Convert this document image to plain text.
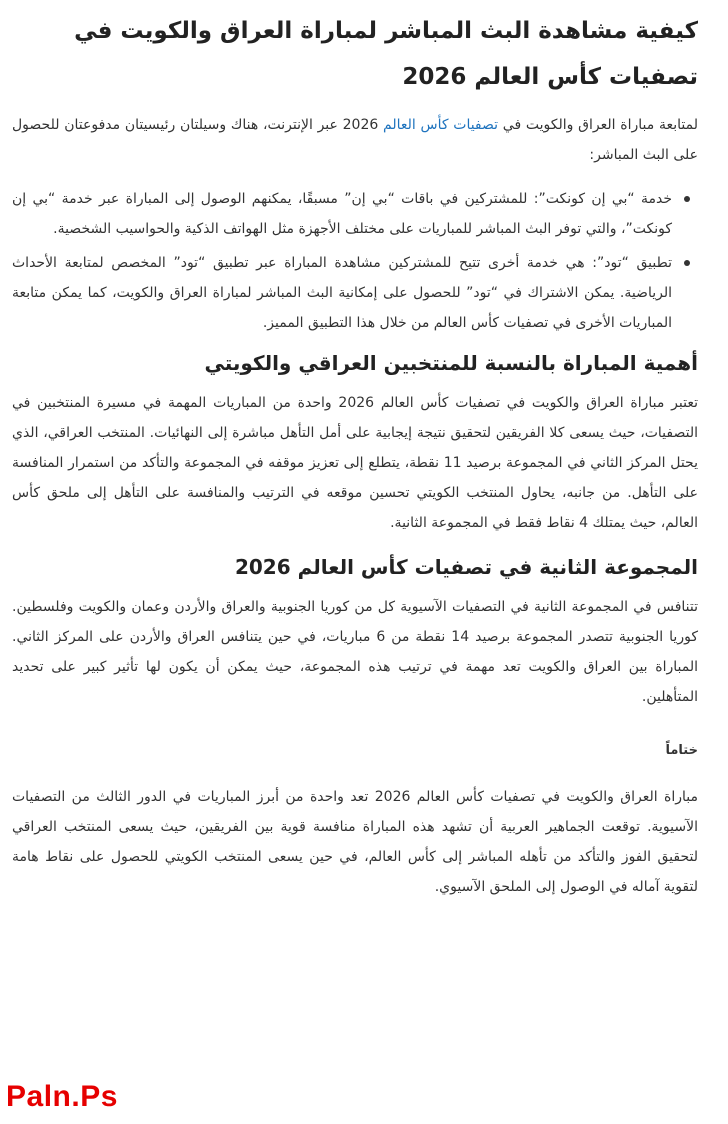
كيفية مشاهدة البث المباشر لمباراة العراق والكويت في تصفيات كأس العالم 2026

لمتابعة مباراة العراق والكويت في تصفيات كأس العالم 2026 عبر الإنترنت، هناك وسيلتان رئيسيتان مدفوعتان للحصول على البث المباشر:

خدمة “بي إن كونكت”: للمشتركين في باقات “بي إن” مسبقًا، يمكنهم الوصول إلى المباراة عبر خدمة “بي إن كونكت”، والتي توفر البث المباشر للمباريات على مختلف الأجهزة مثل الهواتف الذكية والحواسيب الشخصية.
تطبيق “تود”: هي خدمة أخرى تتيح للمشتركين مشاهدة المباراة عبر تطبيق “تود” المخصص لمتابعة الأحداث الرياضية. يمكن الاشتراك في “تود” للحصول على إمكانية البث المباشر لمباراة العراق والكويت، كما يمكن متابعة المباريات الأخرى في تصفيات كأس العالم من خلال هذا التطبيق المميز.
أهمية المباراة بالنسبة للمنتخبين العراقي والكويتي

تعتبر مباراة العراق والكويت في تصفيات كأس العالم 2026 واحدة من المباريات المهمة في مسيرة المنتخبين في التصفيات، حيث يسعى كلا الفريقين لتحقيق نتيجة إيجابية على أمل التأهل مباشرة إلى النهائيات. المنتخب العراقي، الذي يحتل المركز الثاني في المجموعة برصيد 11 نقطة، يتطلع إلى تعزيز موقفه في المجموعة والتأكد من استمرار المنافسة على التأهل. من جانبه، يحاول المنتخب الكويتي تحسين موقعه في الترتيب والمنافسة على التأهل إلى ملحق كأس العالم، حيث يمتلك 4 نقاط فقط في المجموعة الثانية.

المجموعة الثانية في تصفيات كأس العالم 2026

تتنافس في المجموعة الثانية في التصفيات الآسيوية كل من كوريا الجنوبية والعراق والأردن وعمان والكويت وفلسطين. كوريا الجنوبية تتصدر المجموعة برصيد 14 نقطة من 6 مباريات، في حين يتنافس العراق والأردن على المركز الثاني. المباراة بين العراق والكويت تعد مهمة في ترتيب هذه المجموعة، حيث يمكن أن يكون لها تأثير كبير على تحديد المتأهلين.

ختاماً

مباراة العراق والكويت في تصفيات كأس العالم 2026 تعد واحدة من أبرز المباريات في الدور الثالث من التصفيات الآسيوية. توقعت الجماهير العربية أن تشهد هذه المباراة منافسة قوية بين الفريقين، حيث يسعى المنتخب العراقي لتحقيق الفوز والتأكد من تأهله المباشر إلى كأس العالم، في حين يسعى المنتخب الكويتي للحصول على نقاط هامة لتقوية آماله في الوصول إلى الملحق الآسيوي.

Paln.Ps
